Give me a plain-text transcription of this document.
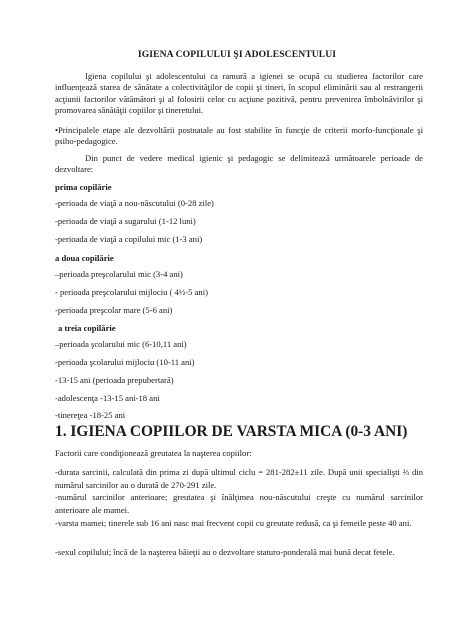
IGIENA COPILULUI ŞI ADOLESCENTULUI
Igiena copilului şi adolescentului ca ramură a igienei se ocupă cu studierea factorilor care influenţează starea de sănătate a colectivităţilor de copii şi tineri, în scopul eliminării sau al restrangerii acţiunii factorilor vătămători şi al folosirii celor cu acţiune pozitivă, pentru prevenirea îmbolnăvirilor şi promovarea sănătăţii copiilor şi tineretului.
•Principalele etape ale dezvoltării postnatale au fost stabilite în funcţie de criterii morfo-funcţionale şi psiho-pedagogice.
Din punct de vedere medical igienic şi pedagogic se delimitează următoarele perioade de dezvoltare:
prima copilărie
-perioada de viaţă a nou-născutului (0-28 zile)
-perioada de viaţă a sugarului (1-12 luni)
-perioada de viaţă a copilului mic (1-3 ani)
a doua copilărie
–perioada preşcolarului mic (3-4 ani)
- perioada preşcolarului mijlociu ( 4½-5 ani)
-perioada preşcolar mare (5-6 ani)
a treia copilărie
–perioada şcolarului mic (6-10,11 ani)
-perioada şcolarului mijlociu (10-11 ani)
-13-15 ani (perioada prepubertară)
-adolescenţa -13-15 ani-18 ani
-tinereţea -18-25 ani
1. IGIENA COPIILOR DE VARSTA MICA (0-3 ANI)
Factorii care condiţionează greutatea la naşterea copiilor:
-durata sarcinii, calculată din prima zi după ultimul ciclu = 281-282±11 zile. După unii specialişti ⅔ din numărul sarcinilor au o durată de 270-291 zile.
-numărul sarcinilor anterioare; greutatea şi înălţimea nou-născutului creşte cu numărul sarcinilor anterioare ale mamei.
-varsta mamei; tinerele sub 16 ani nasc mai frecvent copii cu greutate redusă, ca şi femeile peste 40 ani.
-sexul copilului; încă de la naşterea băieţii au o dezvoltare staturo-ponderală mai bună decat fetele.
